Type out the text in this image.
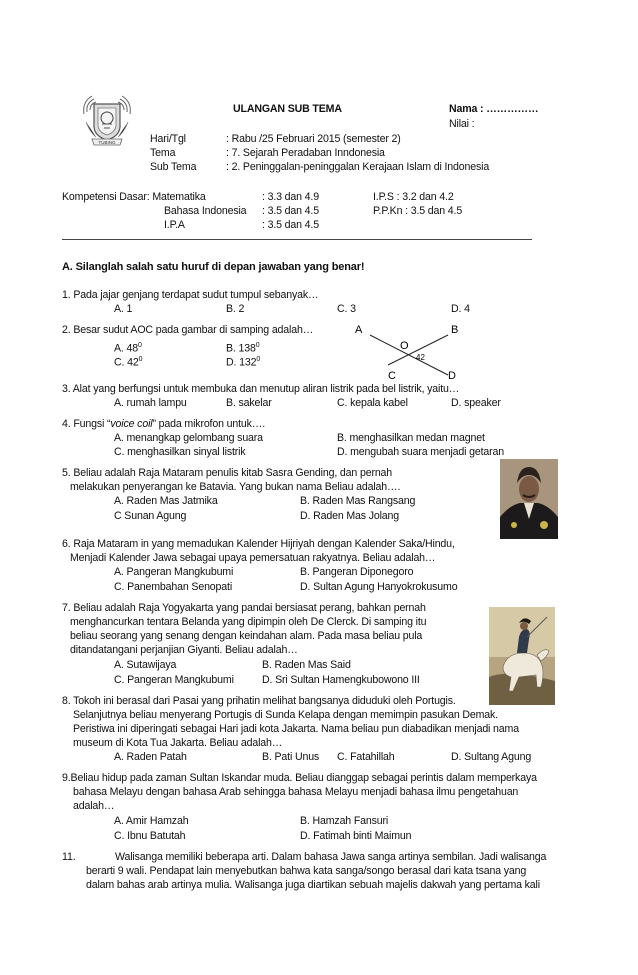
TUBING
ULANGAN SUB TEMA	Nama : ……………
Nilai :
Hari/Tgl	: Rabu /25 Februari 2015 (semester 2)
Tema	: 7. Sejarah Peradaban Inndonesia
Sub Tema	: 2. Peninggalan-peninggalan Kerajaan Islam di Indonesia
Kompetensi Dasar: Matematika	: 3.3 dan 4.9	I.P.S : 3.2 dan 4.2
Bahasa Indonesia : 3.5 dan 4.5	P.P.Kn : 3.5 dan 4.5
I.P.A	: 3.5 dan 4.5
A. Silanglah salah satu huruf di depan jawaban yang benar!
1. Pada jajar genjang terdapat sudut tumpul sebanyak…
A. 1	B. 2	C. 3	D. 4
2. Besar sudut AOC pada gambar di samping adalah…
A. $48^0$	B. $138^0$
C. $42^0$	D. $132^0$
A	B
O
42
C	D
3. Alat yang berfungsi untuk membuka dan menutup aliran listrik pada bel listrik, yaitu…
A. rumah lampu	B. sakelar	C. kepala kabel	D. speaker
4. Fungsi “voice coil” pada mikrofon untuk….
A. menangkap gelombang suara	B. menghasilkan medan magnet
C. menghasilkan sinyal listrik	D. mengubah suara menjadi getaran
5. Beliau adalah Raja Mataram penulis kitab Sasra Gending, dan pernah
melakukan penyerangan ke Batavia. Yang bukan nama Beliau adalah….
A. Raden Mas Jatmika	B. Raden Mas Rangsang
C Sunan Agung	D. Raden Mas Jolang
6. Raja Mataram in yang memadukan Kalender Hijriyah dengan Kalender Saka/Hindu,
Menjadi Kalender Jawa sebagai upaya pemersatuan rakyatnya. Beliau adalah…
A. Pangeran Mangkubumi	B. Pangeran Diponegoro
C. Panembahan Senopati	D. Sultan Agung Hanyokrokusumo
7. Beliau adalah Raja Yogyakarta yang pandai bersiasat perang, bahkan pernah
menghancurkan tentara Belanda yang dipimpin oleh De Clerck. Di samping itu
beliau seorang yang senang dengan keindahan alam. Pada masa beliau pula
ditandatangani perjanjian Giyanti. Beliau adalah…
A. Sutawijaya	B. Raden Mas Said
C. Pangeran Mangkubumi	D. Sri Sultan Hamengkubowono III
8. Tokoh ini berasal dari Pasai yang prihatin melihat bangsanya diduduki oleh Portugis.
Selanjutnya beliau menyerang Portugis di Sunda Kelapa dengan memimpin pasukan Demak.
Peristiwa ini diperingati sebagai Hari jadi kota Jakarta. Nama beliau pun diabadikan menjadi nama
museum di Kota Tua Jakarta. Beliau adalah…
A. Raden Patah	B. Pati Unus C. Fatahillah	D. Sultang Agung
9.Beliau hidup pada zaman Sultan Iskandar muda. Beliau dianggap sebagai perintis dalam memperkaya
bahasa Melayu dengan bahasa Arab sehingga bahasa Melayu menjadi bahasa ilmu pengetahuan
adalah…
A. Amir Hamzah	B. Hamzah Fansuri
C. Ibnu Batutah	D. Fatimah binti Maimun
11.	Walisanga memiliki beberapa arti. Dalam bahasa Jawa sanga artinya sembilan. Jadi walisanga
berarti 9 wali. Pendapat lain menyebutkan bahwa kata sanga/songo berasal dari kata tsana yang
dalam bahas arab artinya mulia. Walisanga juga diartikan sebuah majelis dakwah yang pertama kali
